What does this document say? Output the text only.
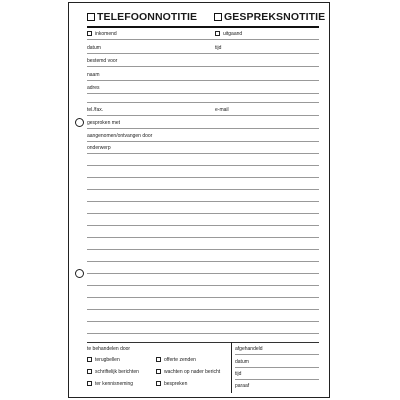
TELEFOONNOTITIE	GESPREKSNOTITIE
inkomend	uitgaand
datum	tijd
bestemd voor
naam
adres
tel./fax.	e-mail
gesproken met
aangenomen/ontvangen door
onderwerp
te behandelen door	afgehandeld
terugbellen	offerte zenden	datum
schriftelijk berichten	wachten op nader bericht	tijd
ter kennisneming	bespreken	paraaf
